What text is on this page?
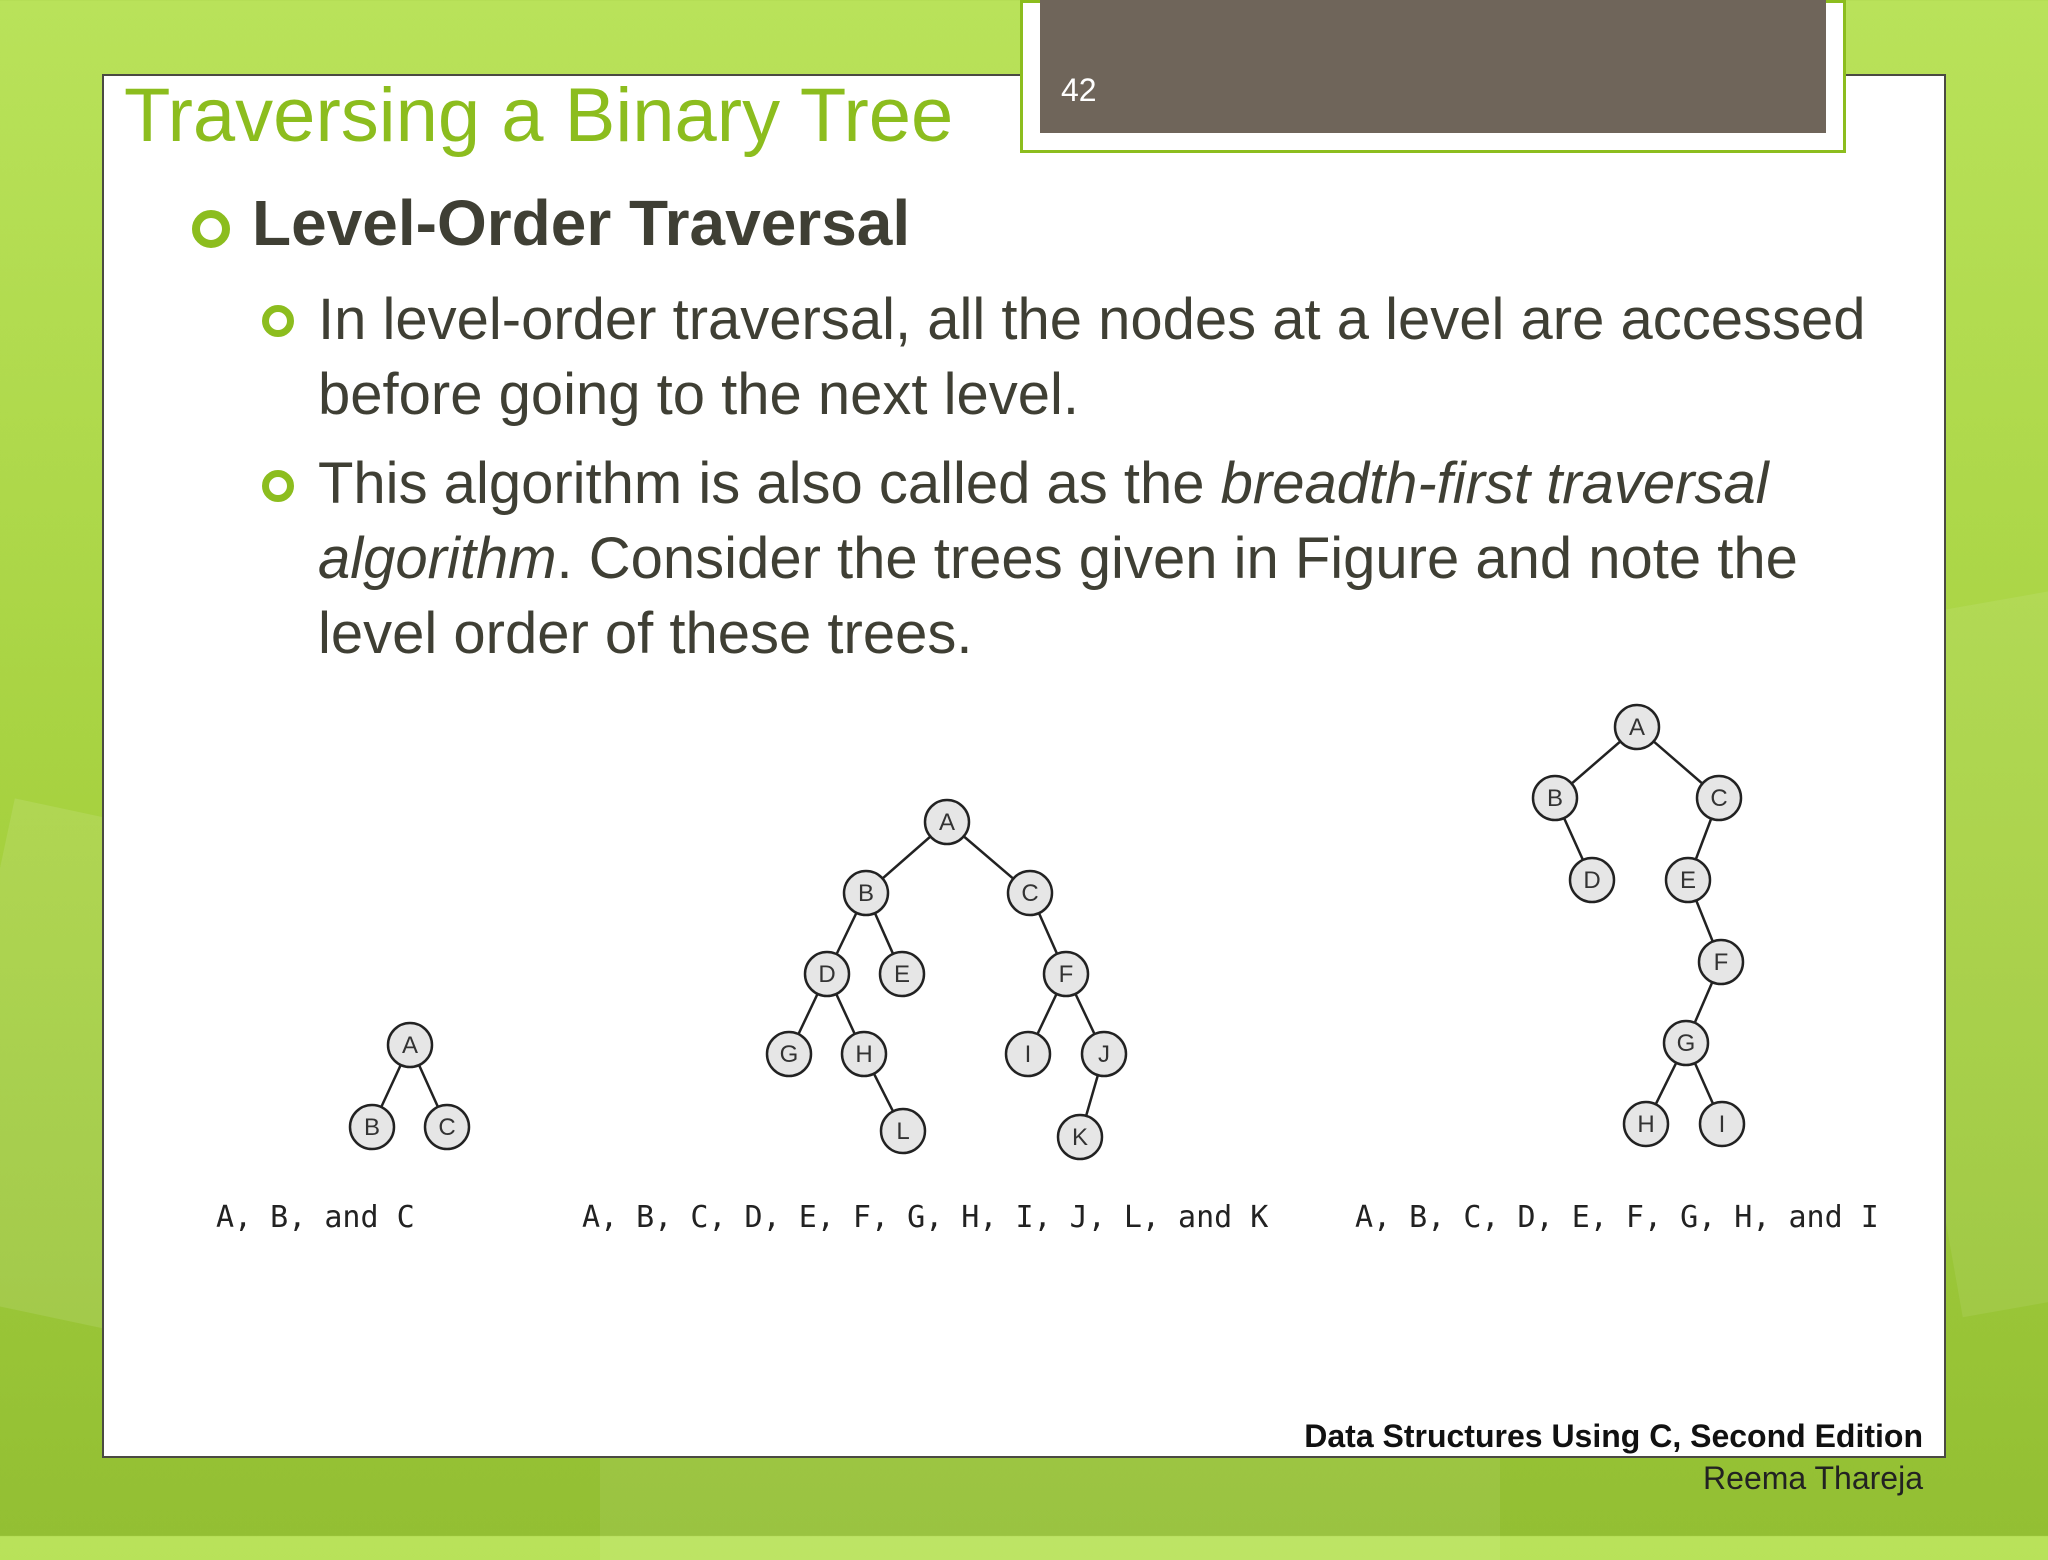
Traversing a Binary Tree	42
Level-Order Traversal

In level-order traversal, all the nodes at a level are accessed before going to the next level.

This algorithm is also called as the breadth-first traversal algorithm. Consider the trees given in Figure and note the level order of these trees.

A
B C
A
B	C
D E	F
G H	I	J
L	K
A
B	C
D	E
F
G
H	I
A, B, and C	A, B, C, D, E, F, G, H, I, J, L, and K	A, B, C, D, E, F, G, H, and I
Data Structures Using C, Second Edition
Reema Thareja
